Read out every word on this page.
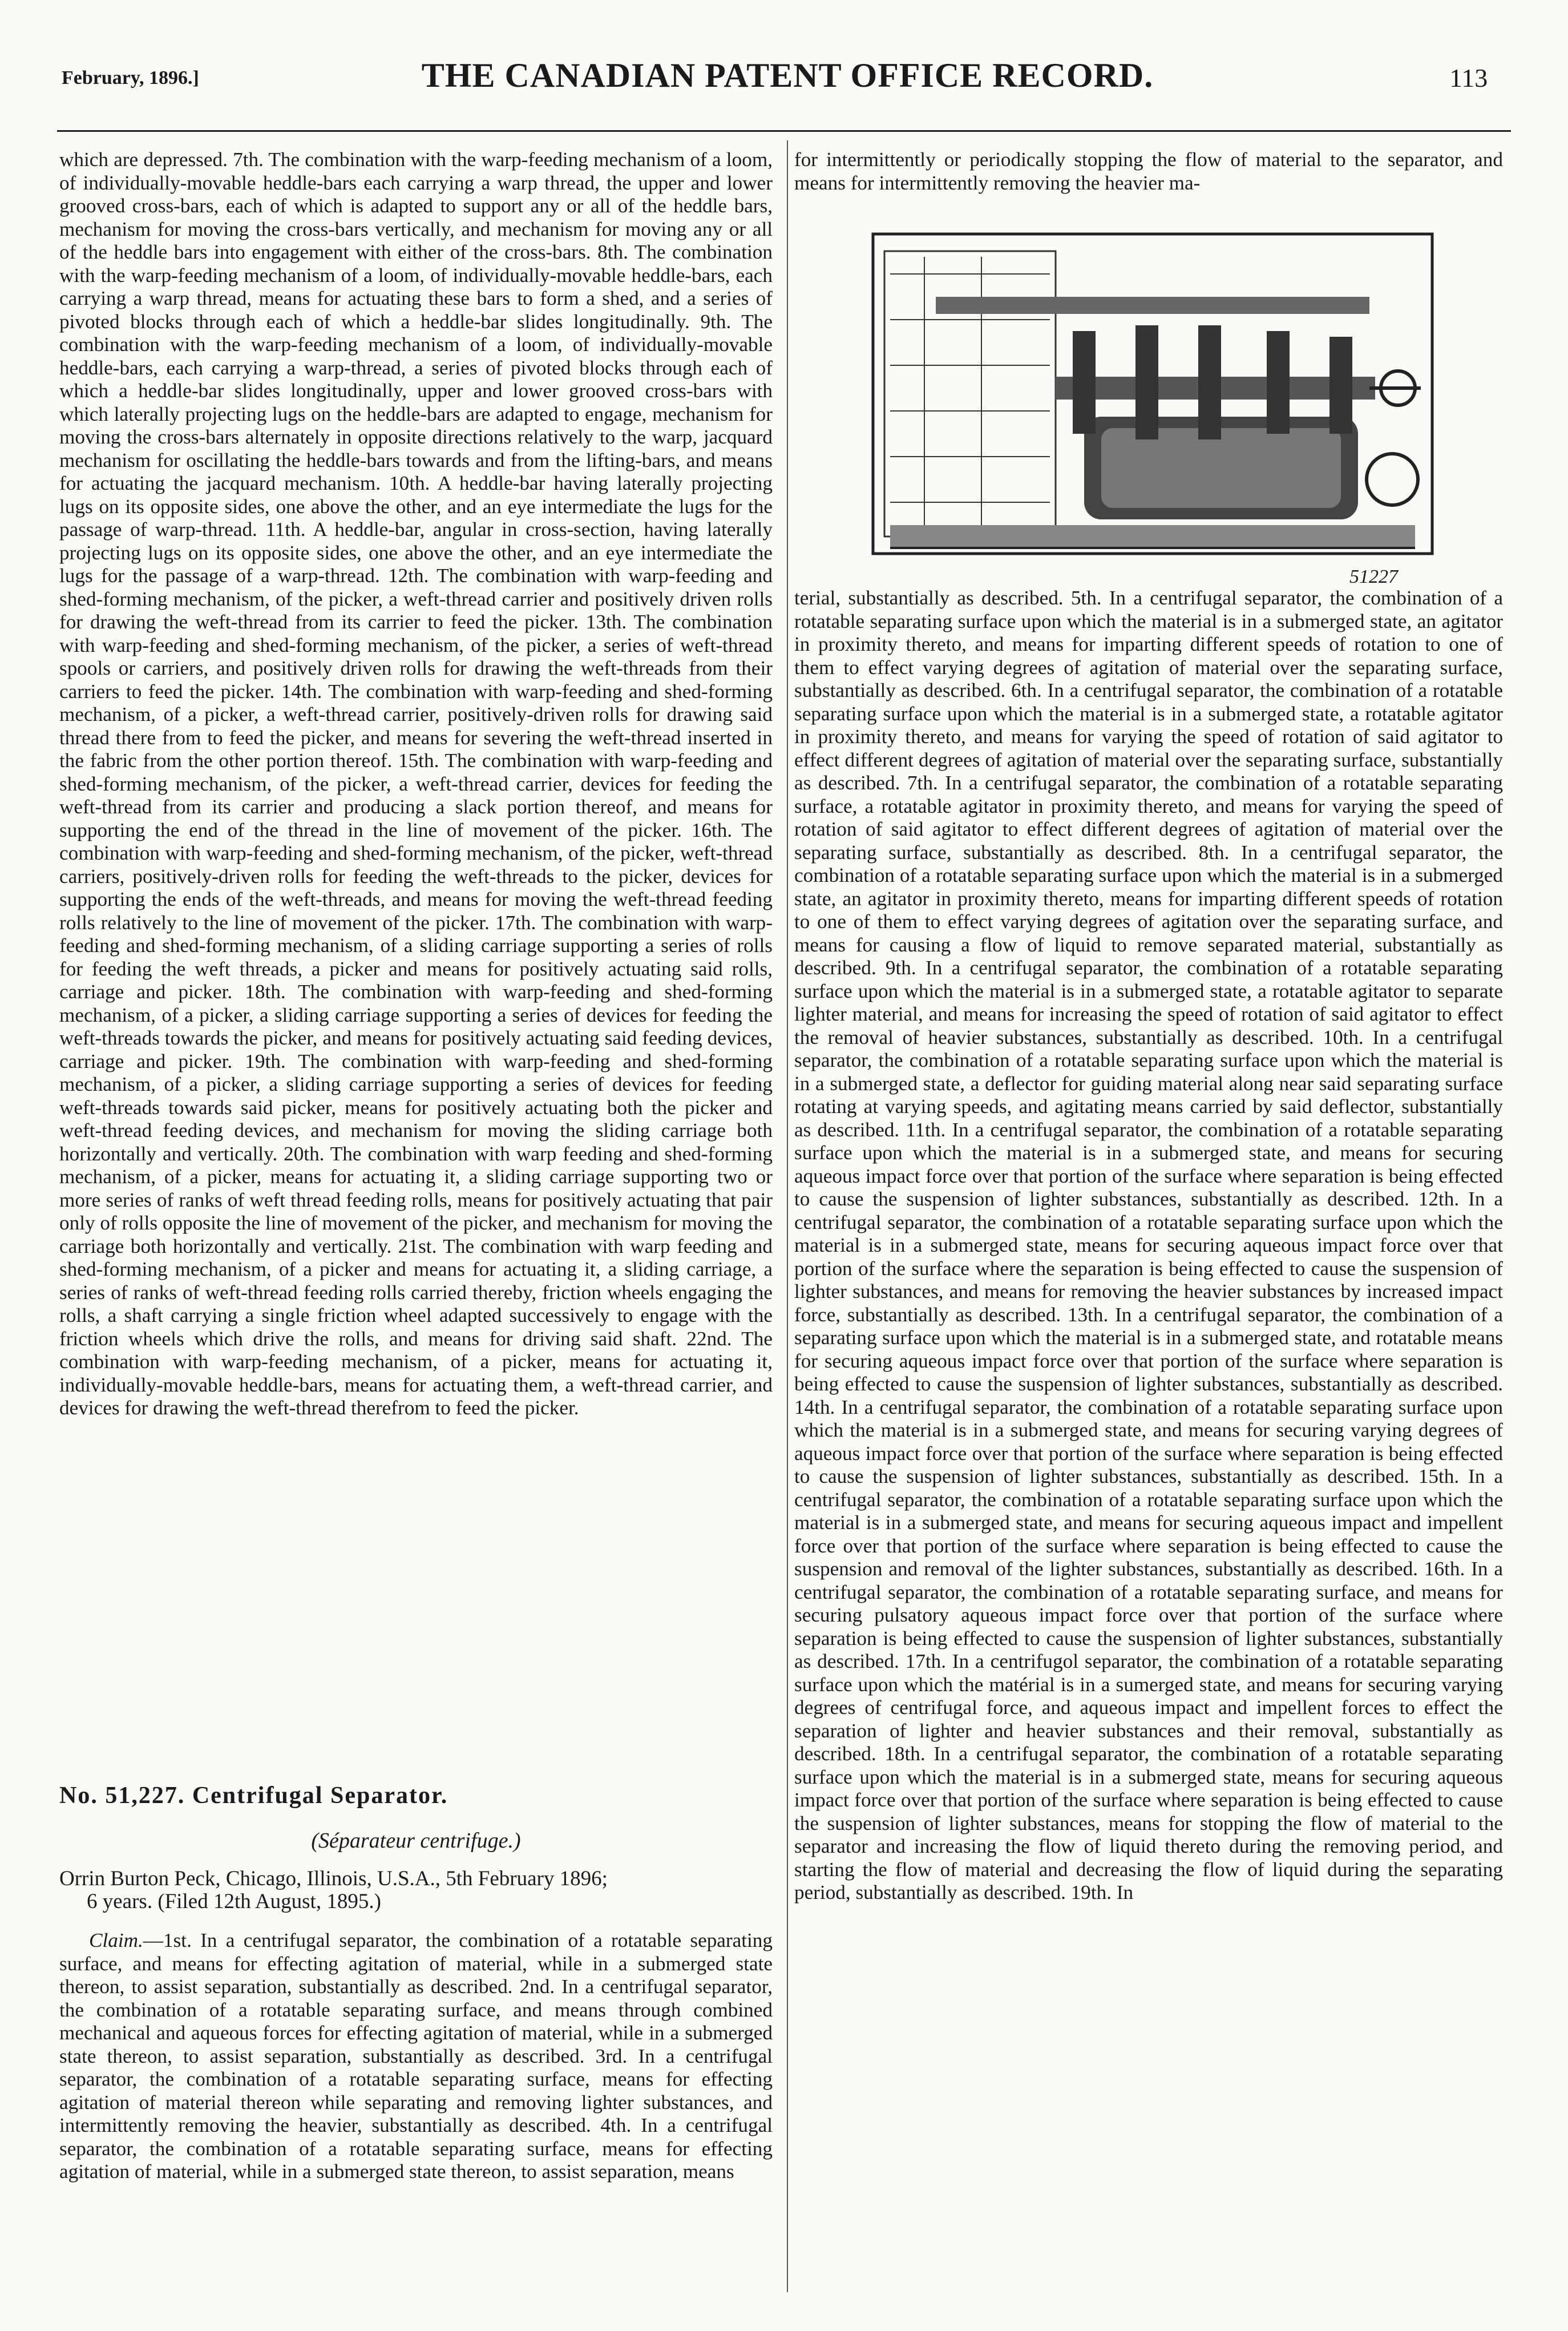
February, 1896.]	THE CANADIAN PATENT OFFICE RECORD.	113

which are depressed. 7th. The combination with the warp-feeding mechanism of a loom, of individually-movable heddle-bars each carrying a warp thread, the upper and lower grooved cross-bars, each of which is adapted to support any or all of the heddle bars, mechanism for moving the cross-bars vertically, and mechanism for moving any or all of the heddle bars into engagement with either of the cross-bars. 8th. The combination with the warp-feeding mechanism of a loom, of individually-movable heddle-bars, each carrying a warp thread, means for actuating these bars to form a shed, and a series of pivoted blocks through each of which a heddle-bar slides longitudinally. 9th. The combination with the warp-feeding mechanism of a loom, of individually-movable heddle-bars, each carrying a warp-thread, a series of pivoted blocks through each of which a heddle-bar slides longitudinally, upper and lower grooved cross-bars with which laterally projecting lugs on the heddle-bars are adapted to engage, mechanism for moving the cross-bars alternately in opposite directions relatively to the warp, jacquard mechanism for oscillating the heddle-bars towards and from the lifting-bars, and means for actuating the jacquard mechanism. 10th. A heddle-bar having laterally projecting lugs on its opposite sides, one above the other, and an eye intermediate the lugs for the passage of warp-thread. 11th. A heddle-bar, angular in cross-section, having laterally projecting lugs on its opposite sides, one above the other, and an eye intermediate the lugs for the passage of a warp-thread. 12th. The combination with warp-feeding and shed-forming mechanism, of the picker, a weft-thread carrier and positively driven rolls for drawing the weft-thread from its carrier to feed the picker. 13th. The combination with warp-feeding and shed-forming mechanism, of the picker, a series of weft-thread spools or carriers, and positively driven rolls for drawing the weft-threads from their carriers to feed the picker. 14th. The combination with warp-feeding and shed-forming mechanism, of a picker, a weft-thread carrier, positively-driven rolls for drawing said thread there from to feed the picker, and means for severing the weft-thread inserted in the fabric from the other portion thereof. 15th. The combination with warp-feeding and shed-forming mechanism, of the picker, a weft-thread carrier, devices for feeding the weft-thread from its carrier and producing a slack portion thereof, and means for supporting the end of the thread in the line of movement of the picker. 16th. The combination with warp-feeding and shed-forming mechanism, of the picker, weft-thread carriers, positively-driven rolls for feeding the weft-threads to the picker, devices for supporting the ends of the weft-threads, and means for moving the weft-thread feeding rolls relatively to the line of movement of the picker. 17th. The combination with warp-feeding and shed-forming mechanism, of a sliding carriage supporting a series of rolls for feeding the weft threads, a picker and means for positively actuating said rolls, carriage and picker. 18th. The combination with warp-feeding and shed-forming mechanism, of a picker, a sliding carriage supporting a series of devices for feeding the weft-threads towards the picker, and means for positively actuating said feeding devices, carriage and picker. 19th. The combination with warp-feeding and shed-forming mechanism, of a picker, a sliding carriage supporting a series of devices for feeding weft-threads towards said picker, means for positively actuating both the picker and weft-thread feeding devices, and mechanism for moving the sliding carriage both horizontally and vertically. 20th. The combination with warp feeding and shed-forming mechanism, of a picker, means for actuating it, a sliding carriage supporting two or more series of ranks of weft thread feeding rolls, means for positively actuating that pair only of rolls opposite the line of movement of the picker, and mechanism for moving the carriage both horizontally and vertically. 21st. The combination with warp feeding and shed-forming mechanism, of a picker and means for actuating it, a sliding carriage, a series of ranks of weft-thread feeding rolls carried thereby, friction wheels engaging the rolls, a shaft carrying a single friction wheel adapted successively to engage with the friction wheels which drive the rolls, and means for driving said shaft. 22nd. The combination with warp-feeding mechanism, of a picker, means for actuating it, individually-movable heddle-bars, means for actuating them, a weft-thread carrier, and devices for drawing the weft-thread therefrom to feed the picker.

No. 51,227. Centrifugal Separator.
(Séparateur centrifuge.)
Orrin Burton Peck, Chicago, Illinois, U.S.A., 5th February 1896;
6 years. (Filed 12th August, 1895.)

Claim.—1st. In a centrifugal separator, the combination of a rotatable separating surface, and means for effecting agitation of material, while in a submerged state thereon, to assist separation, substantially as described. 2nd. In a centrifugal separator, the combination of a rotatable separating surface, and means through combined mechanical and aqueous forces for effecting agitation of material, while in a submerged state thereon, to assist separation, substantially as described. 3rd. In a centrifugal separator, the combination of a rotatable separating surface, means for effecting agitation of material thereon while separating and removing lighter substances, and intermittently removing the heavier, substantially as described. 4th. In a centrifugal separator, the combination of a rotatable separating surface, means for effecting agitation of material, while in a submerged state thereon, to assist separation, means

for intermittently or periodically stopping the flow of material to the separator, and means for intermittently removing the heavier ma-

51227

terial, substantially as described. 5th. In a centrifugal separator, the combination of a rotatable separating surface upon which the material is in a submerged state, an agitator in proximity thereto, and means for imparting different speeds of rotation to one of them to effect varying degrees of agitation of material over the separating surface, substantially as described. 6th. In a centrifugal separator, the combination of a rotatable separating surface upon which the material is in a submerged state, a rotatable agitator in proximity thereto, and means for varying the speed of rotation of said agitator to effect different degrees of agitation of material over the separating surface, substantially as described. 7th. In a centrifugal separator, the combination of a rotatable separating surface, a rotatable agitator in proximity thereto, and means for varying the speed of rotation of said agitator to effect different degrees of agitation of material over the separating surface, substantially as described. 8th. In a centrifugal separator, the combination of a rotatable separating surface upon which the material is in a submerged state, an agitator in proximity thereto, means for imparting different speeds of rotation to one of them to effect varying degrees of agitation over the separating surface, and means for causing a flow of liquid to remove separated material, substantially as described. 9th. In a centrifugal separator, the combination of a rotatable separating surface upon which the material is in a submerged state, a rotatable agitator to separate lighter material, and means for increasing the speed of rotation of said agitator to effect the removal of heavier substances, substantially as described. 10th. In a centrifugal separator, the combination of a rotatable separating surface upon which the material is in a submerged state, a deflector for guiding material along near said separating surface rotating at varying speeds, and agitating means carried by said deflector, substantially as described. 11th. In a centrifugal separator, the combination of a rotatable separating surface upon which the material is in a submerged state, and means for securing aqueous impact force over that portion of the surface where separation is being effected to cause the suspension of lighter substances, substantially as described. 12th. In a centrifugal separator, the combination of a rotatable separating surface upon which the material is in a submerged state, means for securing aqueous impact force over that portion of the surface where the separation is being effected to cause the suspension of lighter substances, and means for removing the heavier substances by increased impact force, substantially as described. 13th. In a centrifugal separator, the combination of a separating surface upon which the material is in a submerged state, and rotatable means for securing aqueous impact force over that portion of the surface where separation is being effected to cause the suspension of lighter substances, substantially as described. 14th. In a centrifugal separator, the combination of a rotatable separating surface upon which the material is in a submerged state, and means for securing varying degrees of aqueous impact force over that portion of the surface where separation is being effected to cause the suspension of lighter substances, substantially as described. 15th. In a centrifugal separator, the combination of a rotatable separating surface upon which the material is in a submerged state, and means for securing aqueous impact and impellent force over that portion of the surface where separation is being effected to cause the suspension and removal of the lighter substances, substantially as described. 16th. In a centrifugal separator, the combination of a rotatable separating surface, and means for securing pulsatory aqueous impact force over that portion of the surface where separation is being effected to cause the suspension of lighter substances, substantially as described. 17th. In a centrifugol separator, the combination of a rotatable separating surface upon which the matérial is in a sumerged state, and means for securing varying degrees of centrifugal force, and aqueous impact and impellent forces to effect the separation of lighter and heavier substances and their removal, substantially as described. 18th. In a centrifugal separator, the combination of a rotatable separating surface upon which the material is in a submerged state, means for securing aqueous impact force over that portion of the surface where separation is being effected to cause the suspension of lighter substances, means for stopping the flow of material to the separator and increasing the flow of liquid thereto during the removing period, and starting the flow of material and decreasing the flow of liquid during the separating period, substantially as described. 19th. In
